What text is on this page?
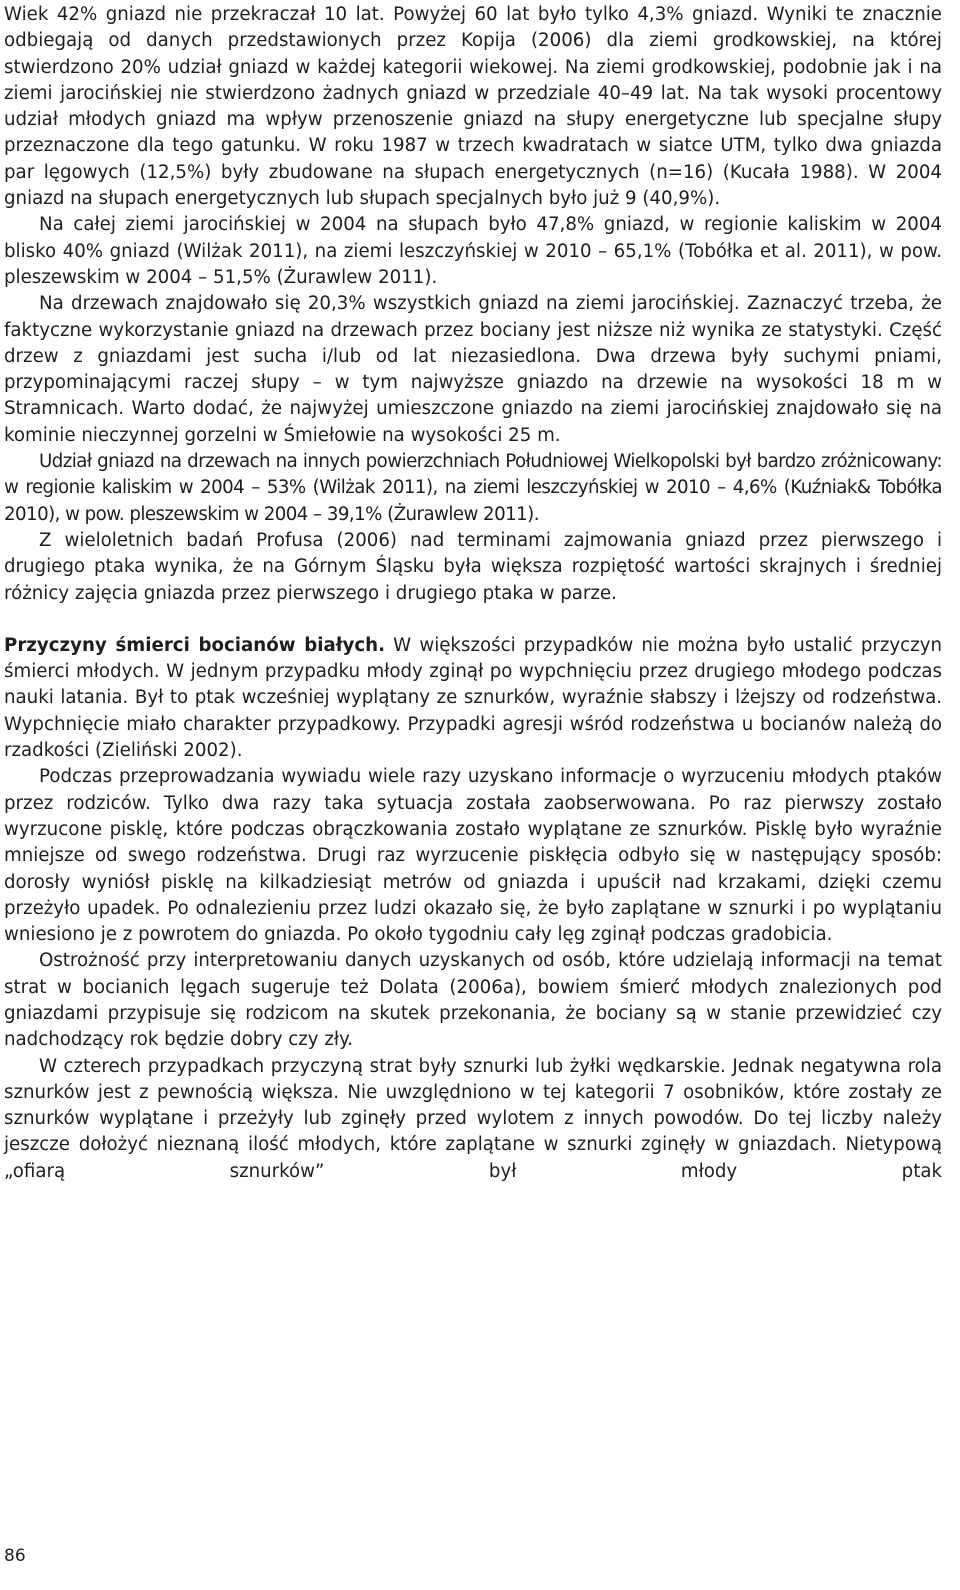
Wiek 42% gniazd nie przekraczał 10 lat. Powyżej 60 lat było tylko 4,3% gniazd. Wyniki te znacznie odbiegają od danych przedstawionych przez Kopija (2006) dla ziemi grodkowskiej, na której stwierdzono 20% udział gniazd w każdej kategorii wiekowej. Na ziemi grodkowskiej, podobnie jak i na ziemi jarocińskiej nie stwierdzono żadnych gniazd w przedziale 40–49 lat. Na tak wysoki procentowy udział młodych gniazd ma wpływ przenoszenie gniazd na słupy energetyczne lub specjalne słupy przeznaczone dla tego gatunku. W roku 1987 w trzech kwadratach w siatce UTM, tylko dwa gniazda par lęgowych (12,5%) były zbudowane na słupach energetycznych (n=16) (Kucała 1988). W 2004 gniazd na słupach energetycznych lub słupach specjalnych było już 9 (40,9%).

Na całej ziemi jarocińskiej w 2004 na słupach było 47,8% gniazd, w regionie kaliskim w 2004 blisko 40% gniazd (Wilżak 2011), na ziemi leszczyńskiej w 2010 – 65,1% (Tobółka et al. 2011), w pow. pleszewskim w 2004 – 51,5% (Żurawlew 2011).

Na drzewach znajdowało się 20,3% wszystkich gniazd na ziemi jarocińskiej. Zaznaczyć trzeba, że faktyczne wykorzystanie gniazd na drzewach przez bociany jest niższe niż wynika ze statystyki. Część drzew z gniazdami jest sucha i/lub od lat niezasiedlona. Dwa drzewa były suchymi pniami, przypominającymi raczej słupy – w tym najwyższe gniazdo na drzewie na wysokości 18 m w Stramnicach. Warto dodać, że najwyżej umieszczone gniazdo na ziemi jarocińskiej znajdowało się na kominie nieczynnej gorzelni w Śmiełowie na wysokości 25 m.

Udział gniazd na drzewach na innych powierzchniach Południowej Wielkopolski był bardzo zróżnicowany: w regionie kaliskim w 2004 – 53% (Wilżak 2011), na ziemi leszczyńskiej w 2010 – 4,6% (Kuźniak& Tobółka 2010), w pow. pleszewskim w 2004 – 39,1% (Żurawlew 2011).

Z wieloletnich badań Profusa (2006) nad terminami zajmowania gniazd przez pierwszego i drugiego ptaka wynika, że na Górnym Śląsku była większa rozpiętość wartości skrajnych i średniej różnicy zajęcia gniazda przez pierwszego i drugiego ptaka w parze.

Przyczyny śmierci bocianów białych. W większości przypadków nie można było ustalić przyczyn śmierci młodych. W jednym przypadku młody zginął po wypchnięciu przez drugiego młodego podczas nauki latania. Był to ptak wcześniej wyplątany ze sznurków, wyraźnie słabszy i lżejszy od rodzeństwa. Wypchnięcie miało charakter przypadkowy. Przypadki agresji wśród rodzeństwa u bocianów należą do rzadkości (Zieliński 2002).

Podczas przeprowadzania wywiadu wiele razy uzyskano informacje o wyrzuceniu młodych ptaków przez rodziców. Tylko dwa razy taka sytuacja została zaobserwowana. Po raz pierwszy zostało wyrzucone pisklę, które podczas obrączkowania zostało wyplątane ze sznurków. Pisklę było wyraźnie mniejsze od swego rodzeństwa. Drugi raz wyrzucenie piskłęcia odbyło się w następujący sposób: dorosły wyniósł pisklę na kilkadziesiąt metrów od gniazda i upuścił nad krzakami, dzięki czemu przeżyło upadek. Po odnalezieniu przez ludzi okazało się, że było zaplątane w sznurki i po wyplątaniu wniesiono je z powrotem do gniazda. Po około tygodniu cały lęg zginął podczas gradobicia.

Ostrożność przy interpretowaniu danych uzyskanych od osób, które udzielają informacji na temat strat w bocianich lęgach sugeruje też Dolata (2006a), bowiem śmierć młodych znalezionych pod gniazdami przypisuje się rodzicom na skutek przekonania, że bociany są w stanie przewidzieć czy nadchodzący rok będzie dobry czy zły.

W czterech przypadkach przyczyną strat były sznurki lub żyłki wędkarskie. Jednak negatywna rola sznurków jest z pewnością większa. Nie uwzględniono w tej kategorii 7 osobników, które zostały ze sznurków wyplątane i przeżyły lub zginęły przed wylotem z innych powodów. Do tej liczby należy jeszcze dołożyć nieznaną ilość młodych, które zaplątane w sznurki zginęły w gniazdach. Nietypową „ofiarą sznurków” był młody ptak

86
